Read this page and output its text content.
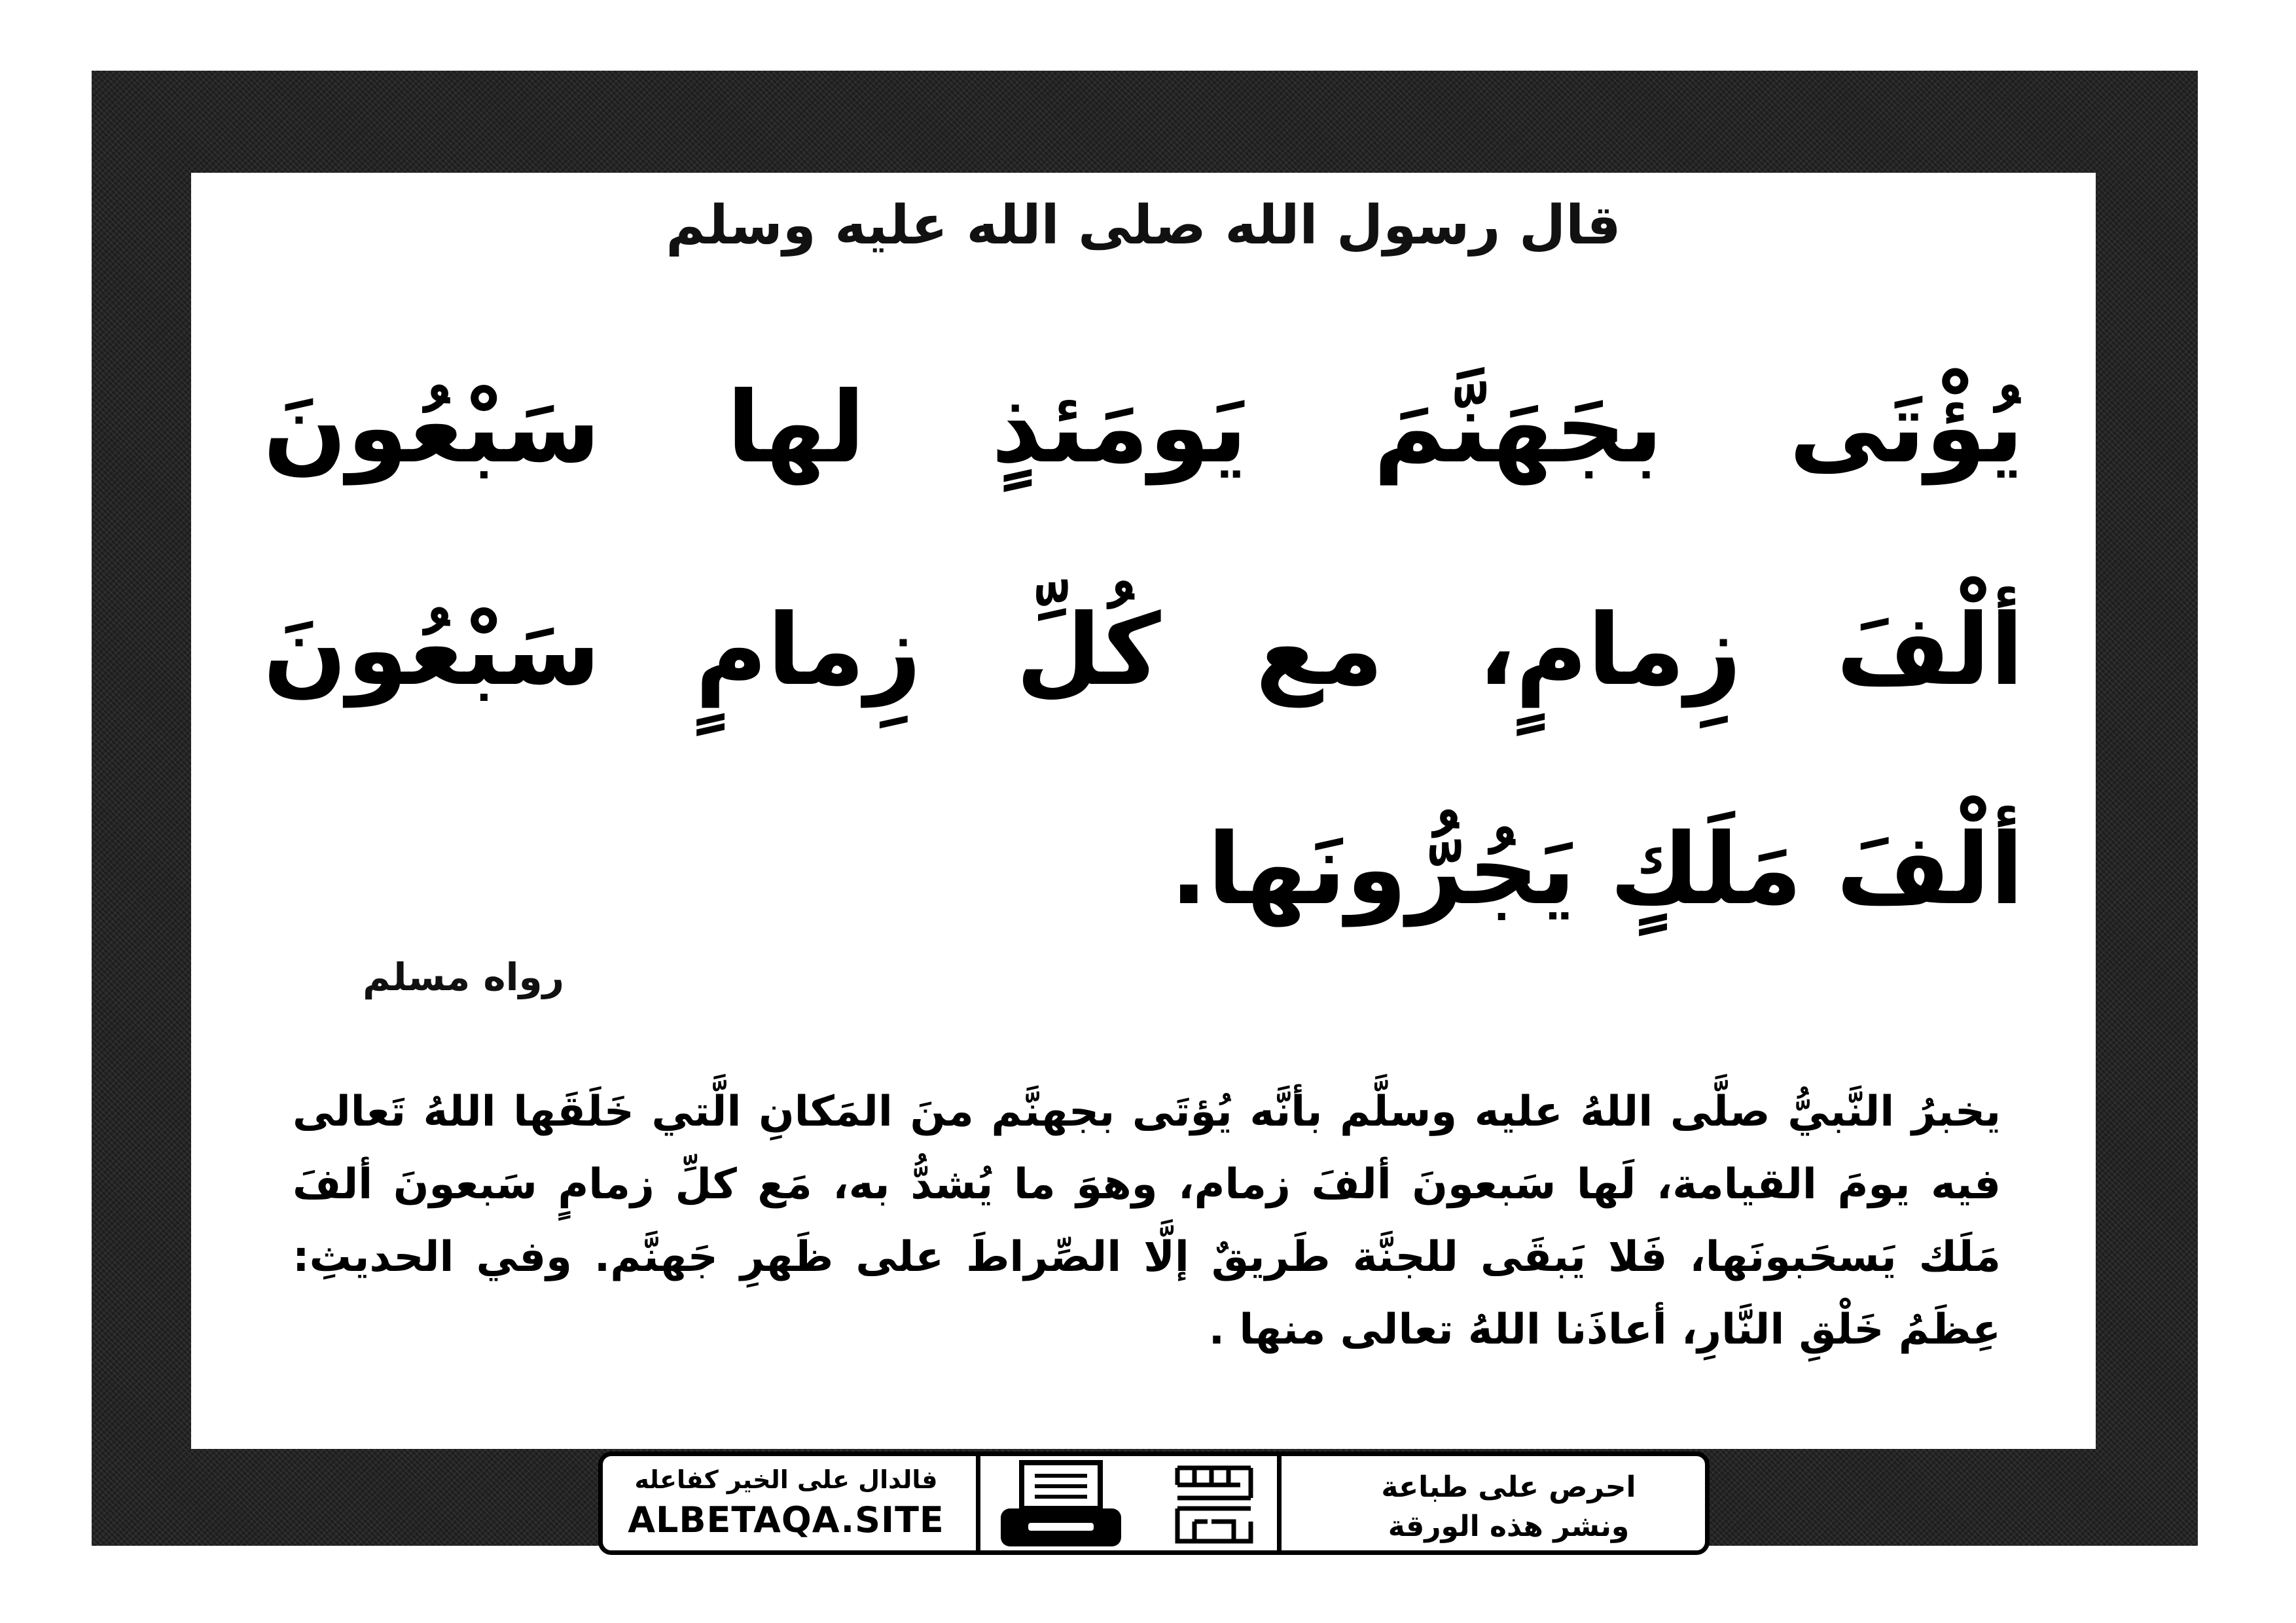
قال رسول الله صلى الله عليه وسلم
يُؤْتَى بجَهَنَّمَ يَومَئذٍ لها سَبْعُونَ
ألْفَ زِمامٍ، مع كُلِّ زِمامٍ سَبْعُونَ
ألْفَ مَلَكٍ يَجُرُّونَها.
رواه مسلم
يخبرُ النَّبيُّ صلَّى اللهُ عليه وسلَّم بأنَّه يُؤتَى بجهنَّم منَ المَكانِ الَّتي خَلَقَها اللهُ تَعالى فيه يومَ القيامة، لَها سَبعونَ ألفَ زمام، وهوَ ما يُشدُّ به، مَع كلِّ زمامٍ سَبعونَ ألفَ مَلَك يَسحَبونَها، فَلا يَبقَى للجنَّة طَريقٌ إلَّا الصِّراطَ على ظَهرِ جَهنَّم. وفي الحديثِ: عِظَمُ خَلْقِ النَّارِ، أعاذَنا اللهُ تعالى منها .
فالدال على الخير كفاعله
ALBETAQA.SITE
احرص على طباعة
ونشر هذه الورقة
